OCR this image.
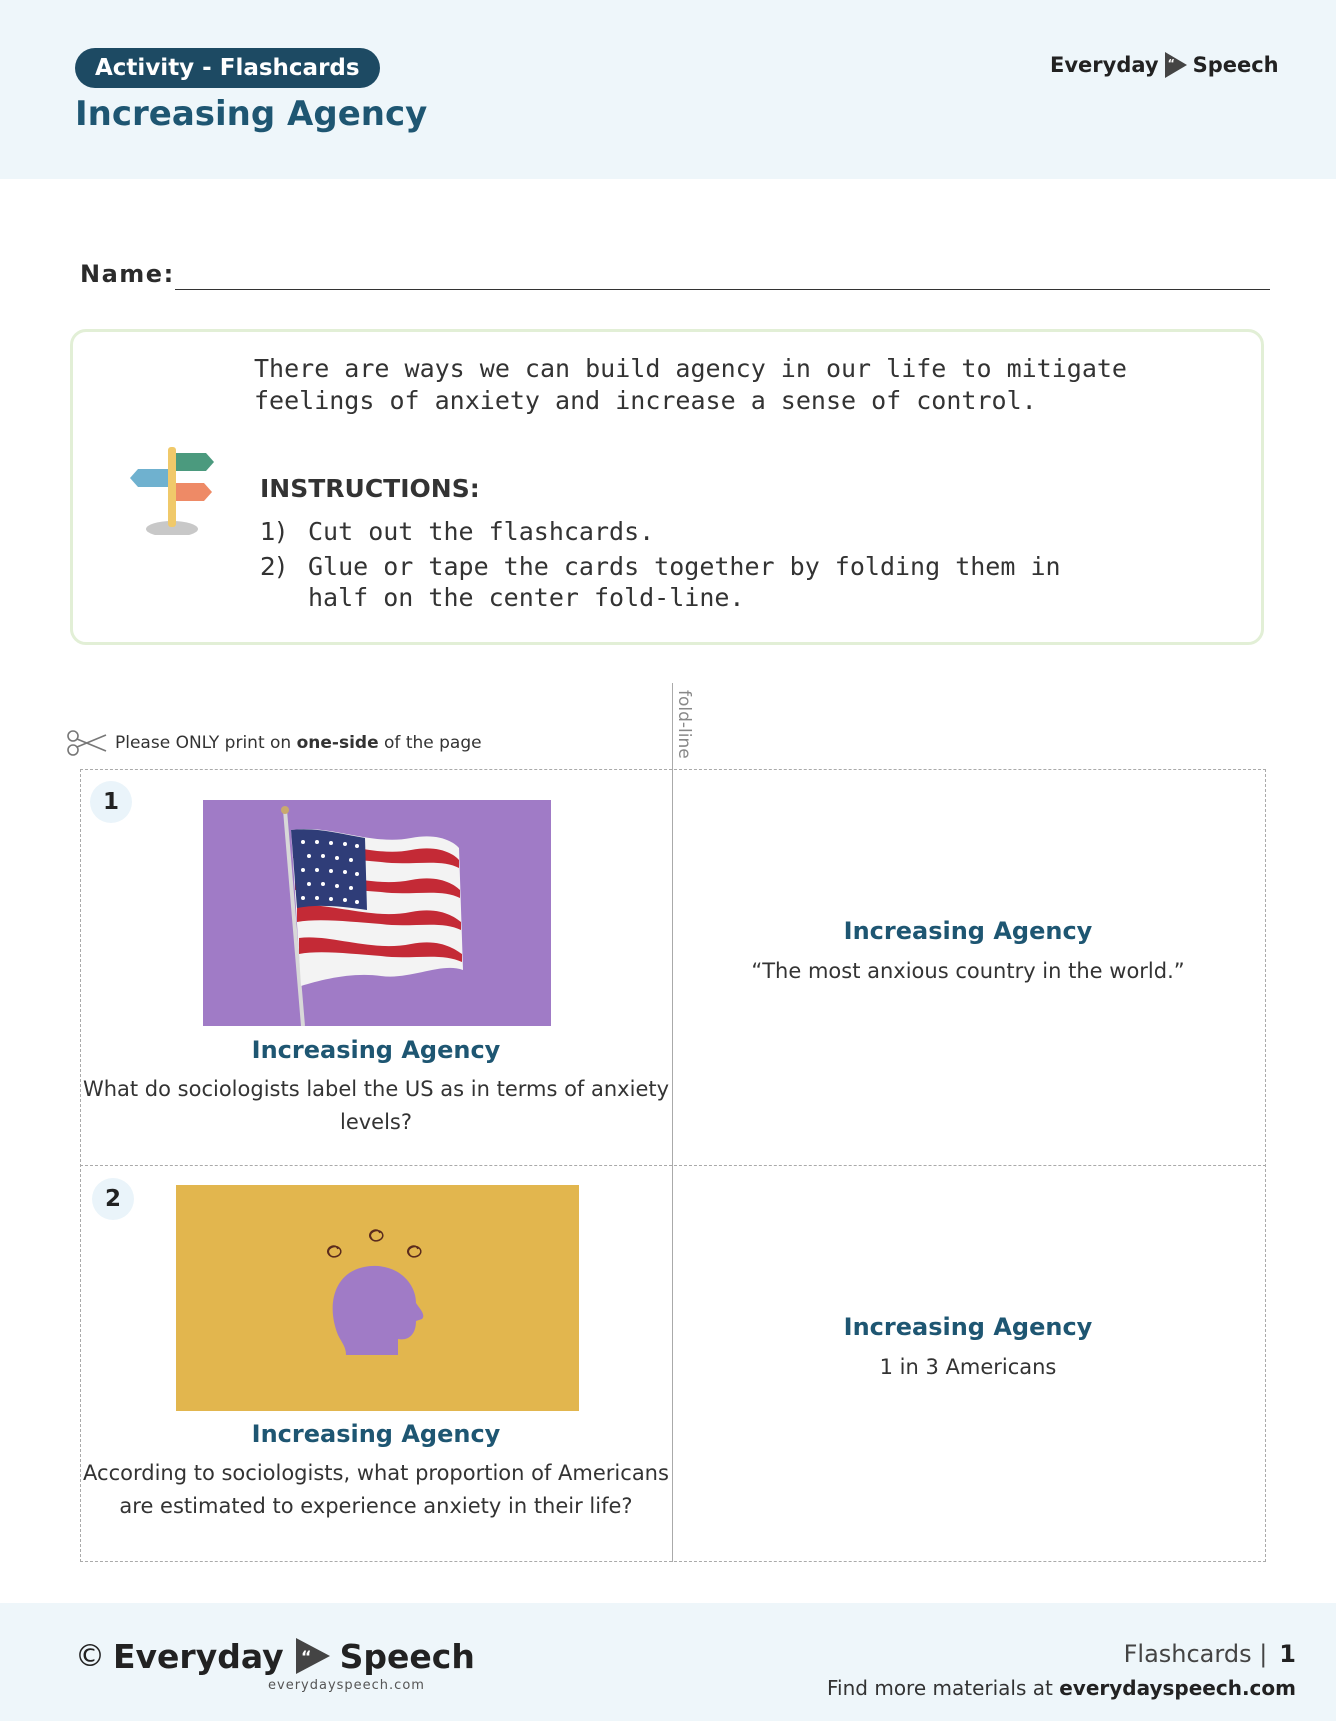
Activity - Flashcards
Increasing Agency
Everyday “ Speech
Name:
There are ways we can build agency in our life to mitigate feelings of anxiety and increase a sense of control.
INSTRUCTIONS:
1) Cut out the flashcards.
2) Glue or tape the cards together by folding them in half on the center fold-line.
Please ONLY print on one-side of the page	fold-line
1
Increasing Agency
What do sociologists label the US as in terms of anxiety levels?
Increasing Agency
“The most anxious country in the world.”
2
Increasing Agency
According to sociologists, what proportion of Americans are estimated to experience anxiety in their life?
Increasing Agency
1 in 3 Americans
© Everyday “ Speech
everydayspeech.com
Flashcards | 1
Find more materials at everydayspeech.com
